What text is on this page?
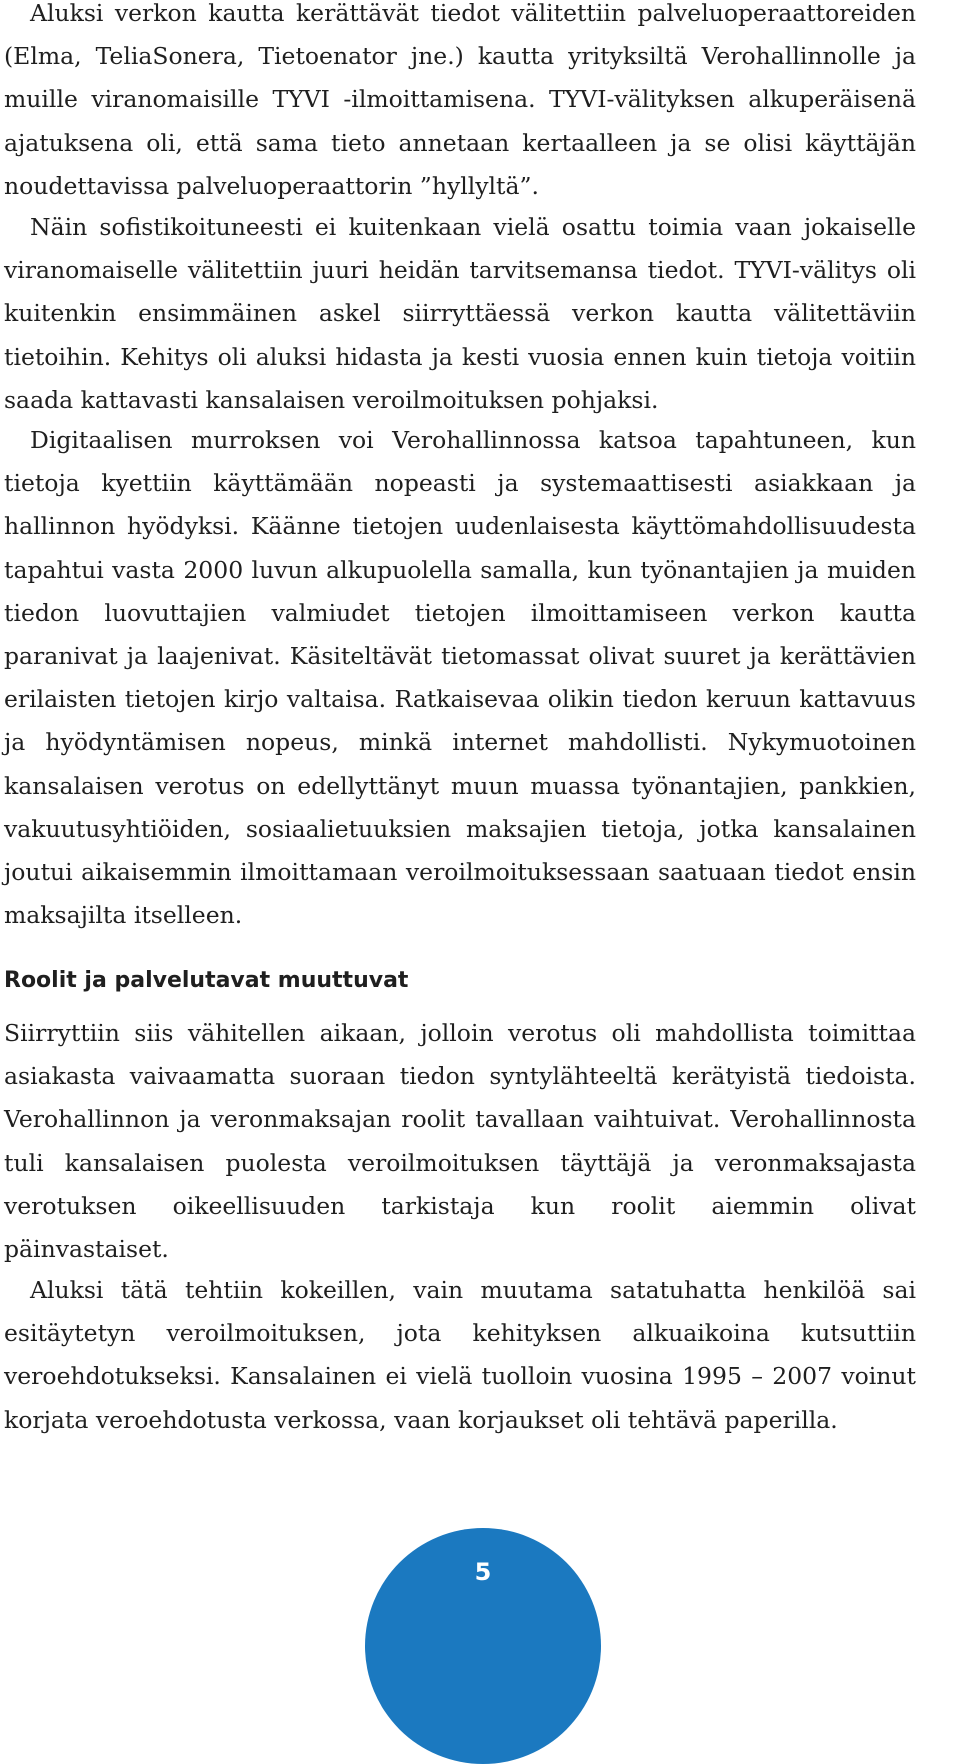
Aluksi verkon kautta kerättävät tiedot välitettiin palveluoperaattoreiden (Elma, TeliaSonera, Tietoenator jne.) kautta yrityksiltä Verohallinnolle ja muille viranomaisille TYVI -ilmoittamisena. TYVI-välityksen alkuperäisenä ajatuksena oli, että sama tieto annetaan kertaalleen ja se olisi käyttäjän noudettavissa palveluoperaattorin ”hyllyltä”.

Näin sofistikoituneesti ei kuitenkaan vielä osattu toimia vaan jokaiselle viranomaiselle välitettiin juuri heidän tarvitsemansa tiedot. TYVI-välitys oli kuitenkin ensimmäinen askel siirryttäessä verkon kautta välitettäviin tietoihin. Kehitys oli aluksi hidasta ja kesti vuosia ennen kuin tietoja voitiin saada kattavasti kansalaisen veroilmoituksen pohjaksi.

Digitaalisen murroksen voi Verohallinnossa katsoa tapahtuneen, kun tietoja kyettiin käyttämään nopeasti ja systemaattisesti asiakkaan ja hallinnon hyödyksi. Käänne tietojen uudenlaisesta käyttömahdollisuudesta tapahtui vasta 2000 luvun alkupuolella samalla, kun työnantajien ja muiden tiedon luovuttajien valmiudet tietojen ilmoittamiseen verkon kautta paranivat ja laajenivat. Käsiteltävät tietomassat olivat suuret ja kerättävien erilaisten tietojen kirjo valtaisa. Ratkaisevaa olikin tiedon keruun kattavuus ja hyödyntämisen nopeus, minkä internet mahdollisti. Nykymuotoinen kansalaisen verotus on edellyttänyt muun muassa työnantajien, pankkien, vakuutusyhtiöiden, sosiaalietuuksien maksajien tietoja, jotka kansalainen joutui aikaisemmin ilmoittamaan veroilmoituksessaan saatuaan tiedot ensin maksajilta itselleen.

Roolit ja palvelutavat muuttuvat

Siirryttiin siis vähitellen aikaan, jolloin verotus oli mahdollista toimittaa asiakasta vaivaamatta suoraan tiedon syntylähteeltä kerätyistä tiedoista. Verohallinnon ja veronmaksajan roolit tavallaan vaihtuivat. Verohallinnosta tuli kansalaisen puolesta veroilmoituksen täyttäjä ja veronmaksajasta verotuksen oikeellisuuden tarkistaja kun roolit aiemmin olivat päinvastaiset.

Aluksi tätä tehtiin kokeillen, vain muutama satatuhatta henkilöä sai esitäytetyn veroilmoituksen, jota kehityksen alkuaikoina kutsuttiin veroehdotukseksi. Kansalainen ei vielä tuolloin vuosina 1995 – 2007 voinut korjata veroehdotusta verkossa, vaan korjaukset oli tehtävä paperilla.

5
